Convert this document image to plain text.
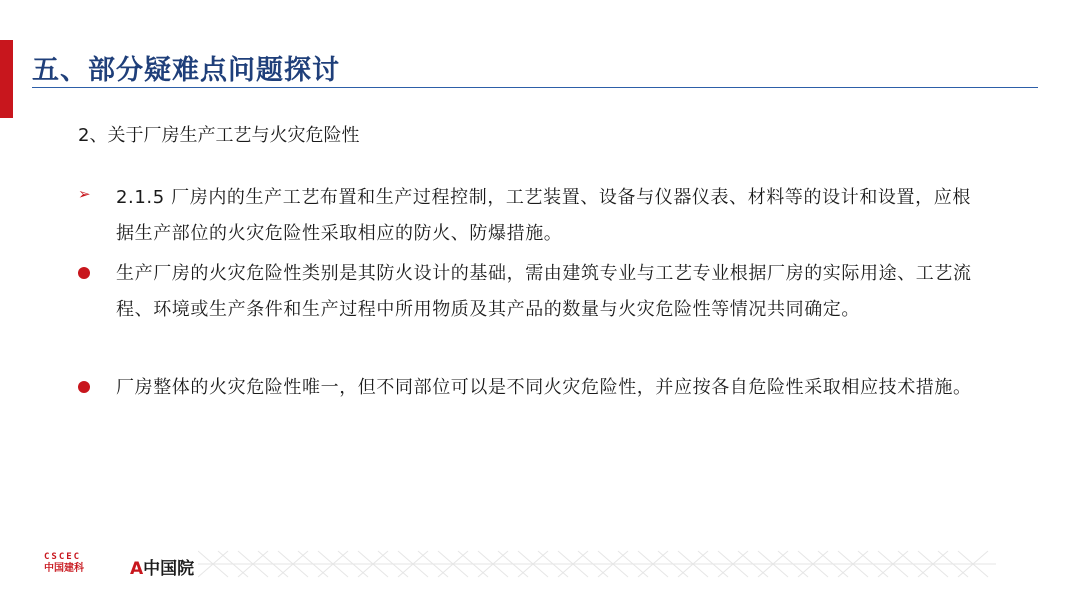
五、部分疑难点问题探讨
2、关于厂房生产工艺与火灾危险性
➢ 2.1.5 厂房内的生产工艺布置和生产过程控制，工艺装置、设备与仪器仪表、材料等的设计和设置，应根据生产部位的火灾危险性采取相应的防火、防爆措施。
生产厂房的火灾危险性类别是其防火设计的基础，需由建筑专业与工艺专业根据厂房的实际用途、工艺流程、环境或生产条件和生产过程中所用物质及其产品的数量与火灾危险性等情况共同确定。
厂房整体的火灾危险性唯一，但不同部位可以是不同火灾危险性，并应按各自危险性采取相应技术措施。
CSCEC
中国建科	A中国院
